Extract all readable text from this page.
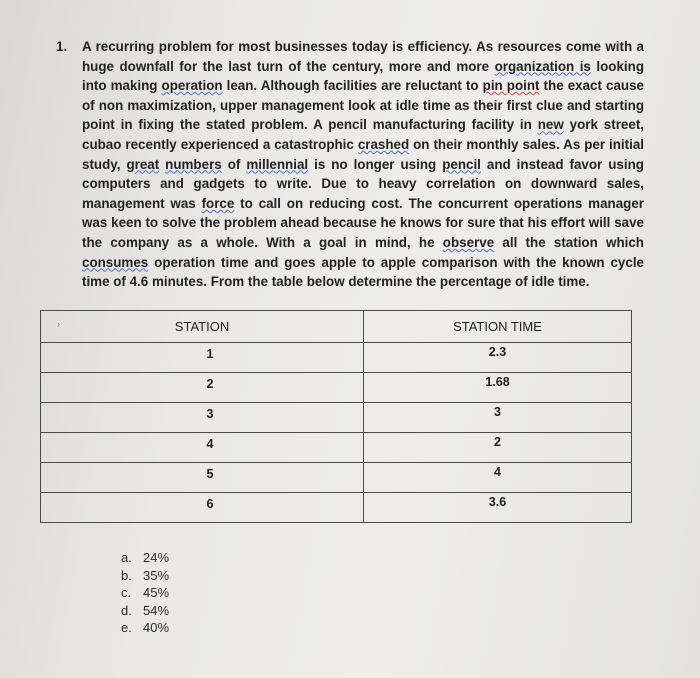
1. A recurring problem for most businesses today is efficiency. As resources come with a huge downfall for the last turn of the century, more and more organization is looking into making operation lean. Although facilities are reluctant to pin point the exact cause of non maximization, upper management look at idle time as their first clue and starting point in fixing the stated problem. A pencil manufacturing facility in new york street, cubao recently experienced a catastrophic crashed on their monthly sales. As per initial study, great numbers of millennial is no longer using pencil and instead favor using computers and gadgets to write. Due to heavy correlation on downward sales, management was force to call on reducing cost. The concurrent operations manager was keen to solve the problem ahead because he knows for sure that his effort will save the company as a whole. With a goal in mind, he observe all the station which consumes operation time and goes apple to apple comparison with the known cycle time of 4.6 minutes. From the table below determine the percentage of idle time.
›	STATION	STATION TIME
1	2.3
2	1.68
3	3
4	2
5	4
6	3.6
a. 24%
b. 35%
c. 45%
d. 54%
e. 40%
